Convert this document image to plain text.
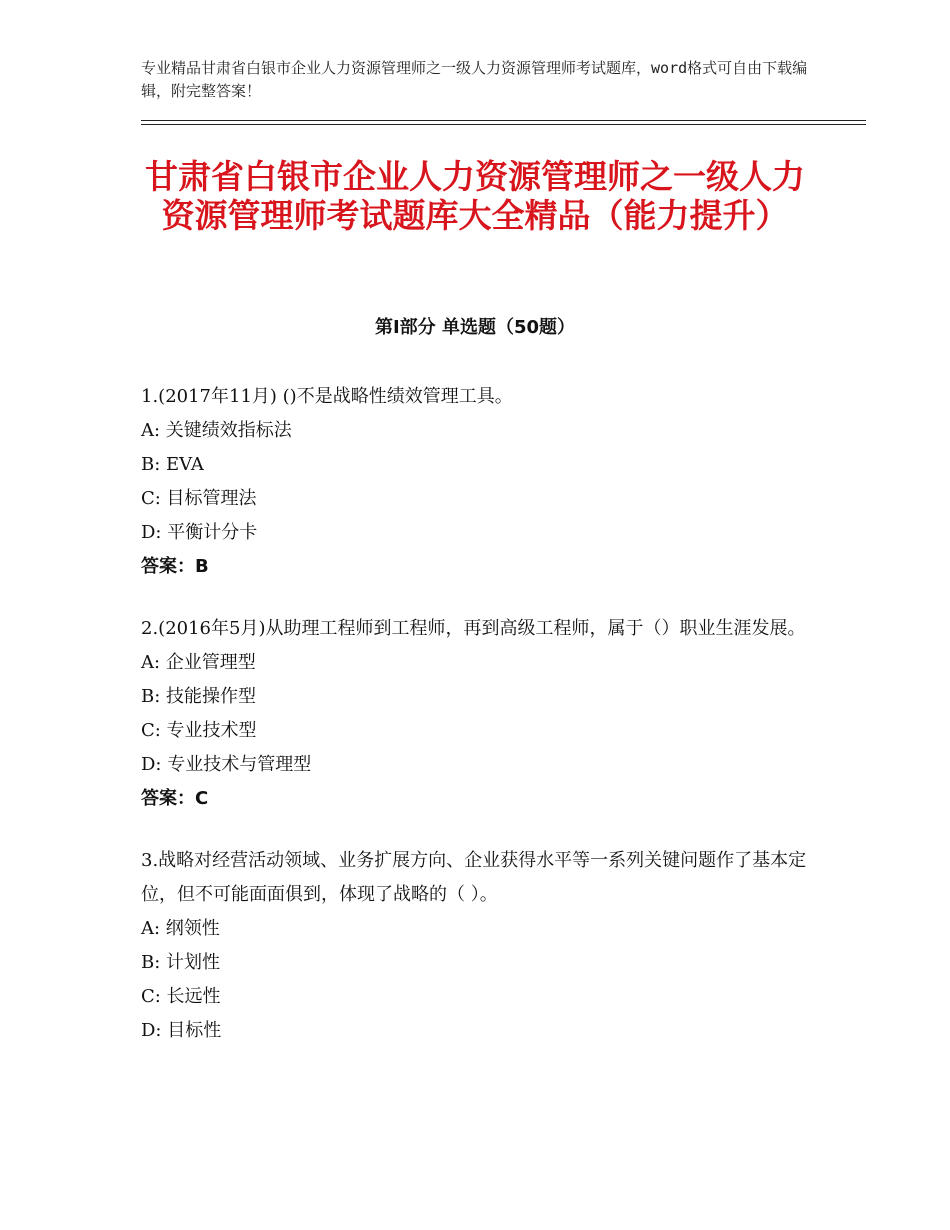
专业精品甘肃省白银市企业人力资源管理师之一级人力资源管理师考试题库，word格式可自由下载编辑，附完整答案！
甘肃省白银市企业人力资源管理师之一级人力资源管理师考试题库大全精品（能力提升）
第Ⅰ部分 单选题（50题）

1.(2017年11月) ()不是战略性绩效管理工具。

A: 关键绩效指标法

B: EVA

C: 目标管理法

D: 平衡计分卡

答案：B

2.(2016年5月)从助理工程师到工程师，再到高级工程师，属于（）职业生涯发展。

A: 企业管理型

B: 技能操作型

C: 专业技术型

D: 专业技术与管理型

答案：C

3.战略对经营活动领域、业务扩展方向、企业获得水平等一系列关键问题作了基本定 位，但不可能面面俱到，体现了战略的（ ）。

A: 纲领性

B: 计划性

C: 长远性

D: 目标性
